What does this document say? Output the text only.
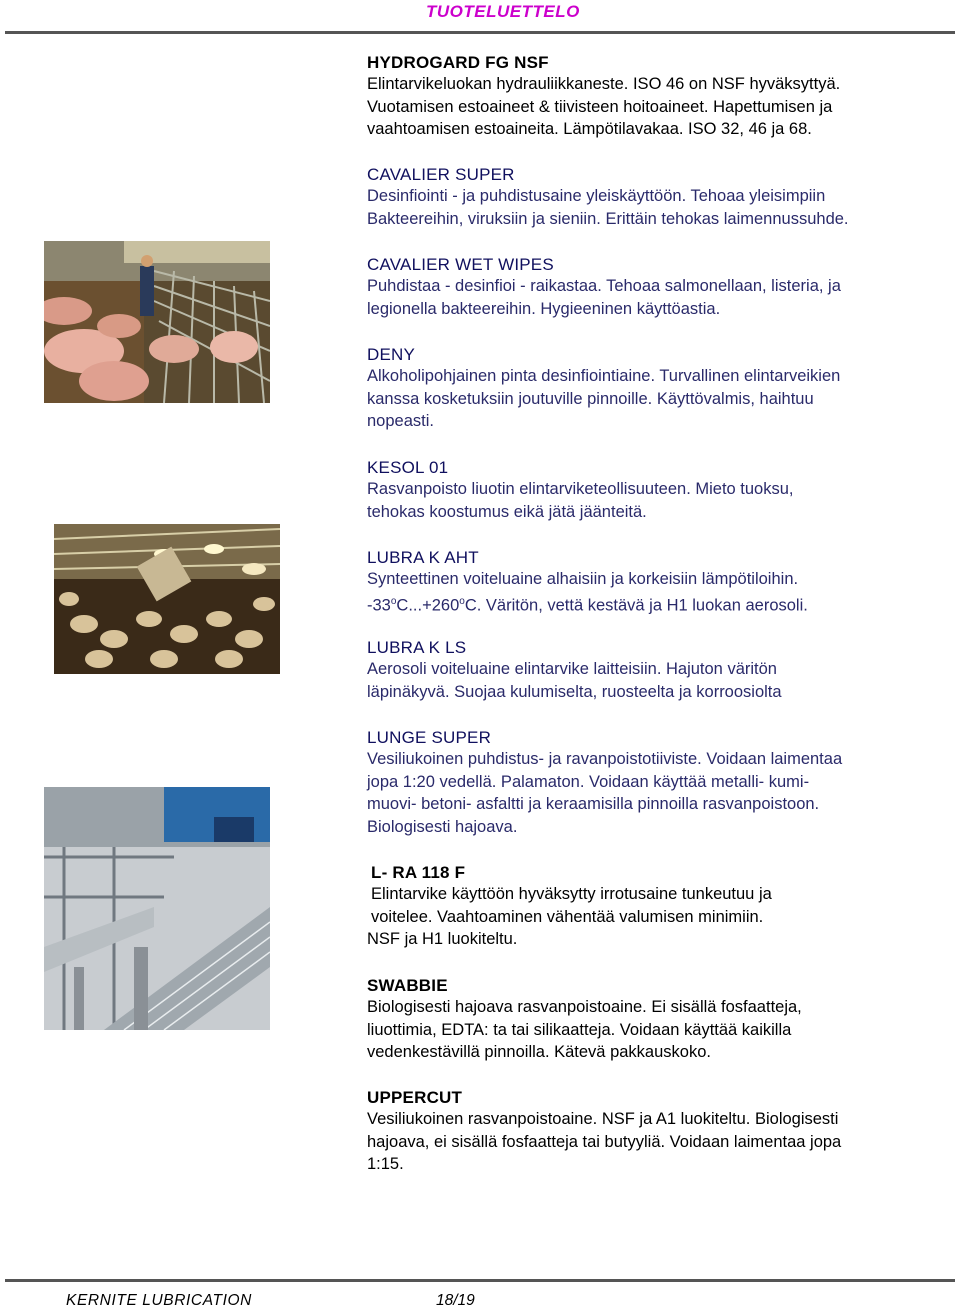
TUOTELUETTELO
HYDROGARD FG NSF
Elintarvikeluokan hydrauliikkaneste. ISO 46 on NSF hyväksyttyä.
Vuotamisen estoaineet & tiivisteen hoitoaineet. Hapettumisen ja
vaahtoamisen estoaineita. Lämpötilavakaa. ISO 32, 46 ja 68.
CAVALIER SUPER
Desinfiointi - ja puhdistusaine yleiskäyttöön. Tehoaa yleisimpiin
Bakteereihin, viruksiin ja sieniin. Erittäin tehokas laimennussuhde.
CAVALIER WET WIPES
Puhdistaa - desinfioi - raikastaa. Tehoaa salmonellaan, listeria, ja
legionella bakteereihin. Hygieeninen käyttöastia.
DENY
Alkoholipohjainen pinta desinfiointiaine. Turvallinen elintarveikien
kanssa kosketuksiin joutuville pinnoille. Käyttövalmis, haihtuu
nopeasti.
KESOL 01
Rasvanpoisto liuotin elintarviketeollisuuteen. Mieto tuoksu,
tehokas koostumus eikä jätä jäänteitä.
LUBRA K AHT
Synteettinen voiteluaine alhaisiin ja korkeisiin lämpötiloihin.
$-33^oC...+260^oC$. Väritön, vettä kestävä ja H1 luokan aerosoli.
LUBRA K LS
Aerosoli voiteluaine elintarvike laitteisiin. Hajuton väritön
läpinäkyvä. Suojaa kulumiselta, ruosteelta ja korroosiolta
LUNGE SUPER
Vesiliukoinen puhdistus- ja ravanpoistotiiviste. Voidaan laimentaa
jopa 1:20 vedellä. Palamaton. Voidaan käyttää metalli- kumi-
muovi- betoni- asfaltti ja keraamisilla pinnoilla rasvanpoistoon.
Biologisesti hajoava.
L- RA 118 F
Elintarvike käyttöön hyväksytty irrotusaine tunkeutuu ja
voitelee. Vaahtoaminen vähentää valumisen minimiin.
NSF ja H1 luokiteltu.
SWABBIE
Biologisesti hajoava rasvanpoistoaine. Ei sisällä fosfaatteja,
liuottimia, EDTA: ta tai silikaatteja. Voidaan käyttää kaikilla
vedenkestävillä pinnoilla. Kätevä pakkauskoko.
UPPERCUT
Vesiliukoinen rasvanpoistoaine. NSF ja A1 luokiteltu. Biologisesti
hajoava, ei sisällä fosfaatteja tai butyyliä. Voidaan laimentaa jopa
1:15.
KERNITE LUBRICATION	18/19
